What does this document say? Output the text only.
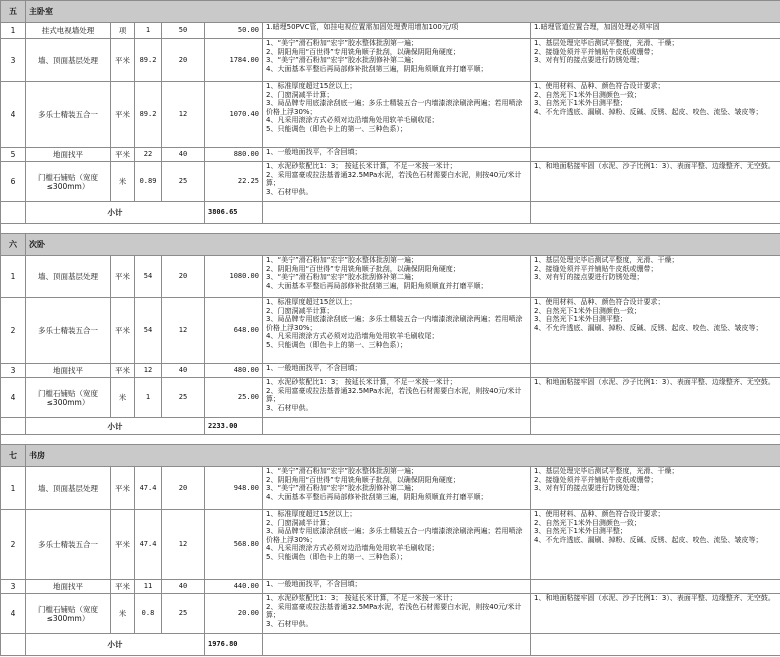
五	主卧室						
1	挂式电视墙处理	项	1	50	50.00	1.暗埋50PVC管，如挂电视位置需加固处理费用增加100元/项	1.暗埋管道位置合理，加固处理必须牢固
3	墙、顶面基层处理	平米	89.2	20	1784.00	1、“美宁”滑石粉加“宏宇”胶水整体批刮第一遍；
2、阴阳角用“百世得”专用铣角顺子批刮，以确保阴阳角硬度；
3、“美宁”滑石粉加“宏宇”胶水批刮修补第二遍；
4、大面基本平整后再局部修补批刮第三遍，阴阳角须顺直并打磨平顺；	1、基层处理完毕后测试平整度，光滑、干燥；
2、接缝处须并平并铺贴牛皮纸或绷带；
3、对有钉的接点要进行防锈处理；
4	多乐士精装五合一	平米	89.2	12	1070.40	1、标准厚度超过15丝以上；
2、门窗洞减半计算；
3、局品牌专用底漆涂刮底一遍；多乐士精装五合一内墙漆滚涂刷涂两遍；若用喷涂价格上浮30%；
4、凡采用滚涂方式必须对边沿墙角处用软羊毛刷收尾；
5、只能调色（即色卡上的第一、三种色系）；	1、使用材料、品种、颜色符合设计要求；
2、自然光下1米外目测颜色一致；
3、自然光下1米外目测平整；
4、不允许透底、漏刷、掉粉、反碱、反锈、起皮、咬色、流坠、皱皮等；
5	地面找平	平米	22	40	880.00	1、一般地面找平，不含回填；	
6	门槛石铺贴（宽度≤300mm）	米	0.89	25	22.25	1、水泥砂浆配比1：3； 按延长米计算，不足一米按一米计；
2、采用富豪或拉法基普通32.5MPa水泥，若浅色石材需要白水泥，则按40元/米计算；
3、石材甲供。	1、和地面粘接牢固（水泥、沙子比例1：3）、表面平整、边缘整齐、无空鼓。
	小计				3806.65		

六	次卧						
1	墙、顶面基层处理	平米	54	20	1080.00	1、“美宁”滑石粉加“宏宇”胶水整体批刮第一遍；
2、阴阳角用“百世得”专用铣角顺子批刮，以确保阴阳角硬度；
3、“美宁”滑石粉加“宏宇”胶水批刮修补第二遍；
4、大面基本平整后再局部修补批刮第三遍，阴阳角须顺直并打磨平顺；	1、基层处理完毕后测试平整度，光滑、干燥；
2、接缝处须并平并铺贴牛皮纸或绷带；
3、对有钉的接点要进行防锈处理；
2	多乐士精装五合一	平米	54	12	648.00	1、标准厚度超过15丝以上；
2、门窗洞减半计算；
3、局品牌专用底漆涂刮底一遍；多乐士精装五合一内墙漆滚涂刷涂两遍；若用喷涂价格上浮30%；
4、凡采用滚涂方式必须对边沿墙角处用软羊毛刷收尾；
5、只能调色（即色卡上的第一、三种色系）；	1、使用材料、品种、颜色符合设计要求；
2、自然光下1米外目测颜色一致；
3、自然光下1米外目测平整；
4、不允许透底、漏刷、掉粉、反碱、反锈、起皮、咬色、流坠、皱皮等；
3	地面找平	平米	12	40	480.00	1、一般地面找平，不含回填；	
4	门槛石铺贴（宽度≤300mm）	米	1	25	25.00	1、水泥砂浆配比1：3； 按延长米计算，不足一米按一米计；
2、采用富豪或拉法基普通32.5MPa水泥，若浅色石材需要白水泥，则按40元/米计算；
3、石材甲供。	1、和地面粘接牢固（水泥、沙子比例1：3）、表面平整、边缘整齐、无空鼓。
	小计				2233.00		

七	书房						
1	墙、顶面基层处理	平米	47.4	20	948.00	1、“美宁”滑石粉加“宏宇”胶水整体批刮第一遍；
2、阴阳角用“百世得”专用铣角顺子批刮，以确保阴阳角硬度；
3、“美宁”滑石粉加“宏宇”胶水批刮修补第二遍；
4、大面基本平整后再局部修补批刮第三遍，阴阳角须顺直并打磨平顺；	1、基层处理完毕后测试平整度，光滑、干燥；
2、接缝处须并平并铺贴牛皮纸或绷带；
3、对有钉的接点要进行防锈处理；
2	多乐士精装五合一	平米	47.4	12	568.80	1、标准厚度超过15丝以上；
2、门窗洞减半计算；
3、局品牌专用底漆涂刮底一遍；多乐士精装五合一内墙漆滚涂刷涂两遍；若用喷涂价格上浮30%；
4、凡采用滚涂方式必须对边沿墙角处用软羊毛刷收尾；
5、只能调色（即色卡上的第一、三种色系）；	1、使用材料、品种、颜色符合设计要求；
2、自然光下1米外目测颜色一致；
3、自然光下1米外目测平整；
4、不允许透底、漏刷、掉粉、反碱、反锈、起皮、咬色、流坠、皱皮等；
3	地面找平	平米	11	40	440.00	1、一般地面找平，不含回填；	
4	门槛石铺贴（宽度≤300mm）	米	0.8	25	20.00	1、水泥砂浆配比1：3； 按延长米计算，不足一米按一米计；
2、采用富豪或拉法基普通32.5MPa水泥，若浅色石材需要白水泥，则按40元/米计算；
3、石材甲供。	1、和地面粘接牢固（水泥、沙子比例1：3）、表面平整、边缘整齐、无空鼓。
	小计				1976.80		
